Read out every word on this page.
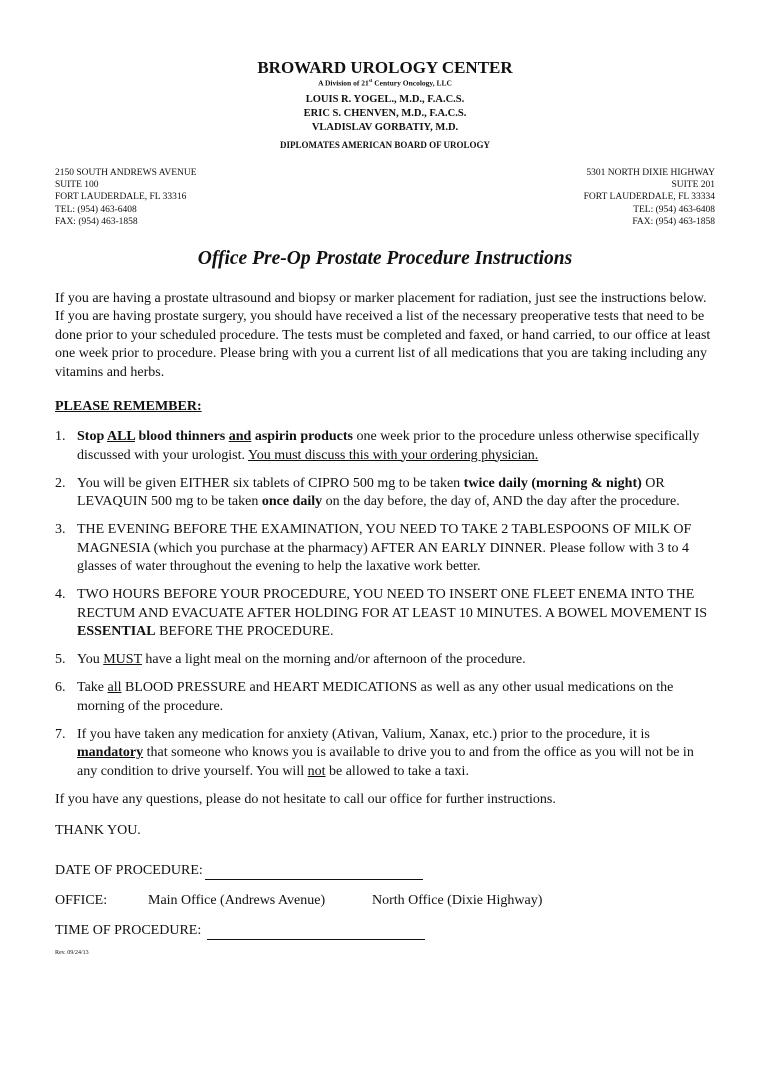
BROWARD UROLOGY CENTER
A Division of 21st Century Oncology, LLC
LOUIS R. YOGEL., M.D., F.A.C.S.
ERIC S. CHENVEN, M.D., F.A.C.S.
VLADISLAV GORBATIY, M.D.
DIPLOMATES AMERICAN BOARD OF UROLOGY
2150 SOUTH ANDREWS AVENUE
SUITE 100
FORT LAUDERDALE, FL 33316
TEL: (954) 463-6408
FAX: (954) 463-1858
5301 NORTH DIXIE HIGHWAY
SUITE 201
FORT LAUDERDALE, FL 33334
TEL: (954) 463-6408
FAX: (954) 463-1858
Office Pre-Op Prostate Procedure Instructions

If you are having a prostate ultrasound and biopsy or marker placement for radiation, just see the instructions below. If you are having prostate surgery, you should have received a list of the necessary preoperative tests that need to be done prior to your scheduled procedure. The tests must be completed and faxed, or hand carried, to our office at least one week prior to procedure. Please bring with you a current list of all medications that you are taking including any vitamins and herbs.

PLEASE REMEMBER:
1. Stop ALL blood thinners and aspirin products one week prior to the procedure unless otherwise specifically discussed with your urologist. You must discuss this with your ordering physician.
2. You will be given EITHER six tablets of CIPRO 500 mg to be taken twice daily (morning & night) OR LEVAQUIN 500 mg to be taken once daily on the day before, the day of, AND the day after the procedure.
3. THE EVENING BEFORE THE EXAMINATION, YOU NEED TO TAKE 2 TABLESPOONS OF MILK OF MAGNESIA (which you purchase at the pharmacy) AFTER AN EARLY DINNER. Please follow with 3 to 4 glasses of water throughout the evening to help the laxative work better.
4. TWO HOURS BEFORE YOUR PROCEDURE, YOU NEED TO INSERT ONE FLEET ENEMA INTO THE RECTUM AND EVACUATE AFTER HOLDING FOR AT LEAST 10 MINUTES. A BOWEL MOVEMENT IS ESSENTIAL BEFORE THE PROCEDURE.
5. You MUST have a light meal on the morning and/or afternoon of the procedure.
6. Take all BLOOD PRESSURE and HEART MEDICATIONS as well as any other usual medications on the morning of the procedure.
7. If you have taken any medication for anxiety (Ativan, Valium, Xanax, etc.) prior to the procedure, it is mandatory that someone who knows you is available to drive you to and from the office as you will not be in any condition to drive yourself. You will not be allowed to take a taxi.
If you have any questions, please do not hesitate to call our office for further instructions.
THANK YOU.
DATE OF PROCEDURE:
OFFICE:	Main Office (Andrews Avenue)	North Office (Dixie Highway)
TIME OF PROCEDURE:
Rev. 09/24/13
